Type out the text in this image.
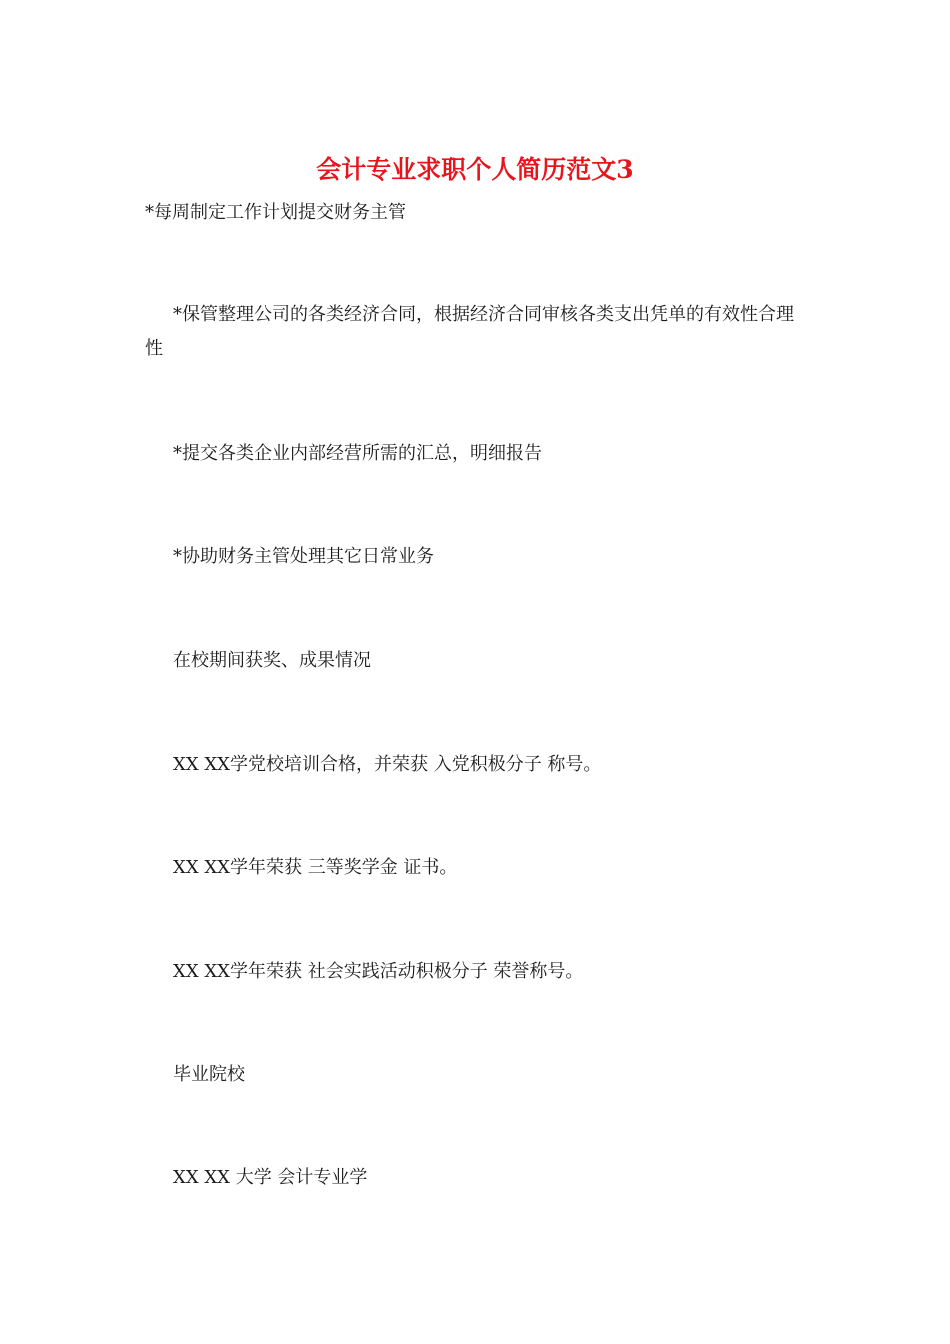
会计专业求职个人简历范文3

*每周制定工作计划提交财务主管

*保管整理公司的各类经济合同，根据经济合同审核各类支出凭单的有效性合理性

*提交各类企业内部经营所需的汇总，明细报告

*协助财务主管处理其它日常业务

在校期间获奖、成果情况

XX XX学党校培训合格，并荣获 入党积极分子 称号。

XX XX学年荣获 三等奖学金 证书。

XX XX学年荣获 社会实践活动积极分子 荣誉称号。

毕业院校

XX XX 大学 会计专业学
